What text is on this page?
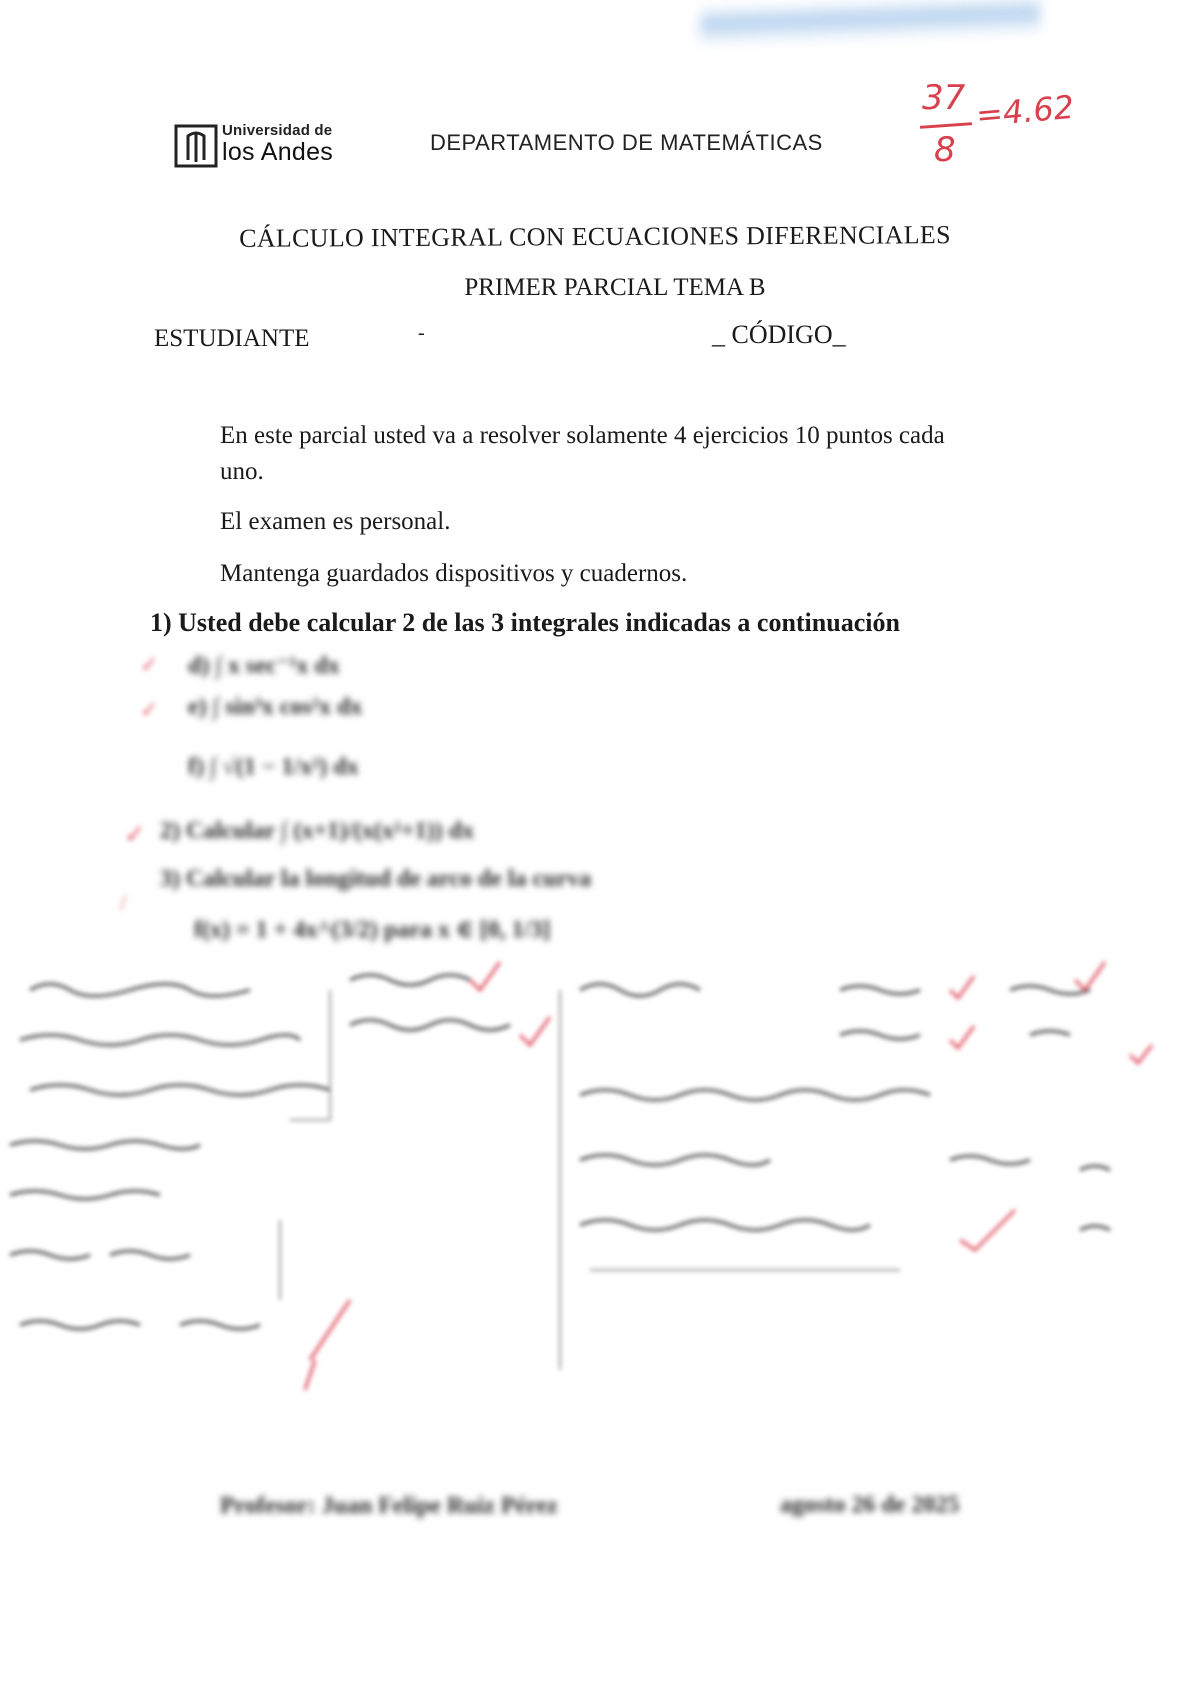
Universidad de
los Andes	DEPARTAMENTO DE MATEMÁTICAS
37
8
=4.62
CÁLCULO INTEGRAL CON ECUACIONES DIFERENCIALES
PRIMER PARCIAL TEMA B
ESTUDIANTE	-	_ CÓDIGO_
En este parcial usted va a resolver solamente 4 ejercicios 10 puntos cada
uno.
El examen es personal.
Mantenga guardados dispositivos y cuadernos.
1) Usted debe calcular 2 de las 3 integrales indicadas a continuación
✓ d) ∫ x sec⁻¹x dx
✓ e) ∫ sin³x cos²x dx
f) ∫ √(1 − 1/x²) dx
✓ 2) Calcular ∫ (x+1)/(x(x²+1)) dx
/
3) Calcular la longitud de arco de la curva
f(x) = 1 + 4x^(3/2) para x ∈ [0, 1/3]
Profesor: Juan Felipe Ruiz Pérez	agosto 26 de 2025
